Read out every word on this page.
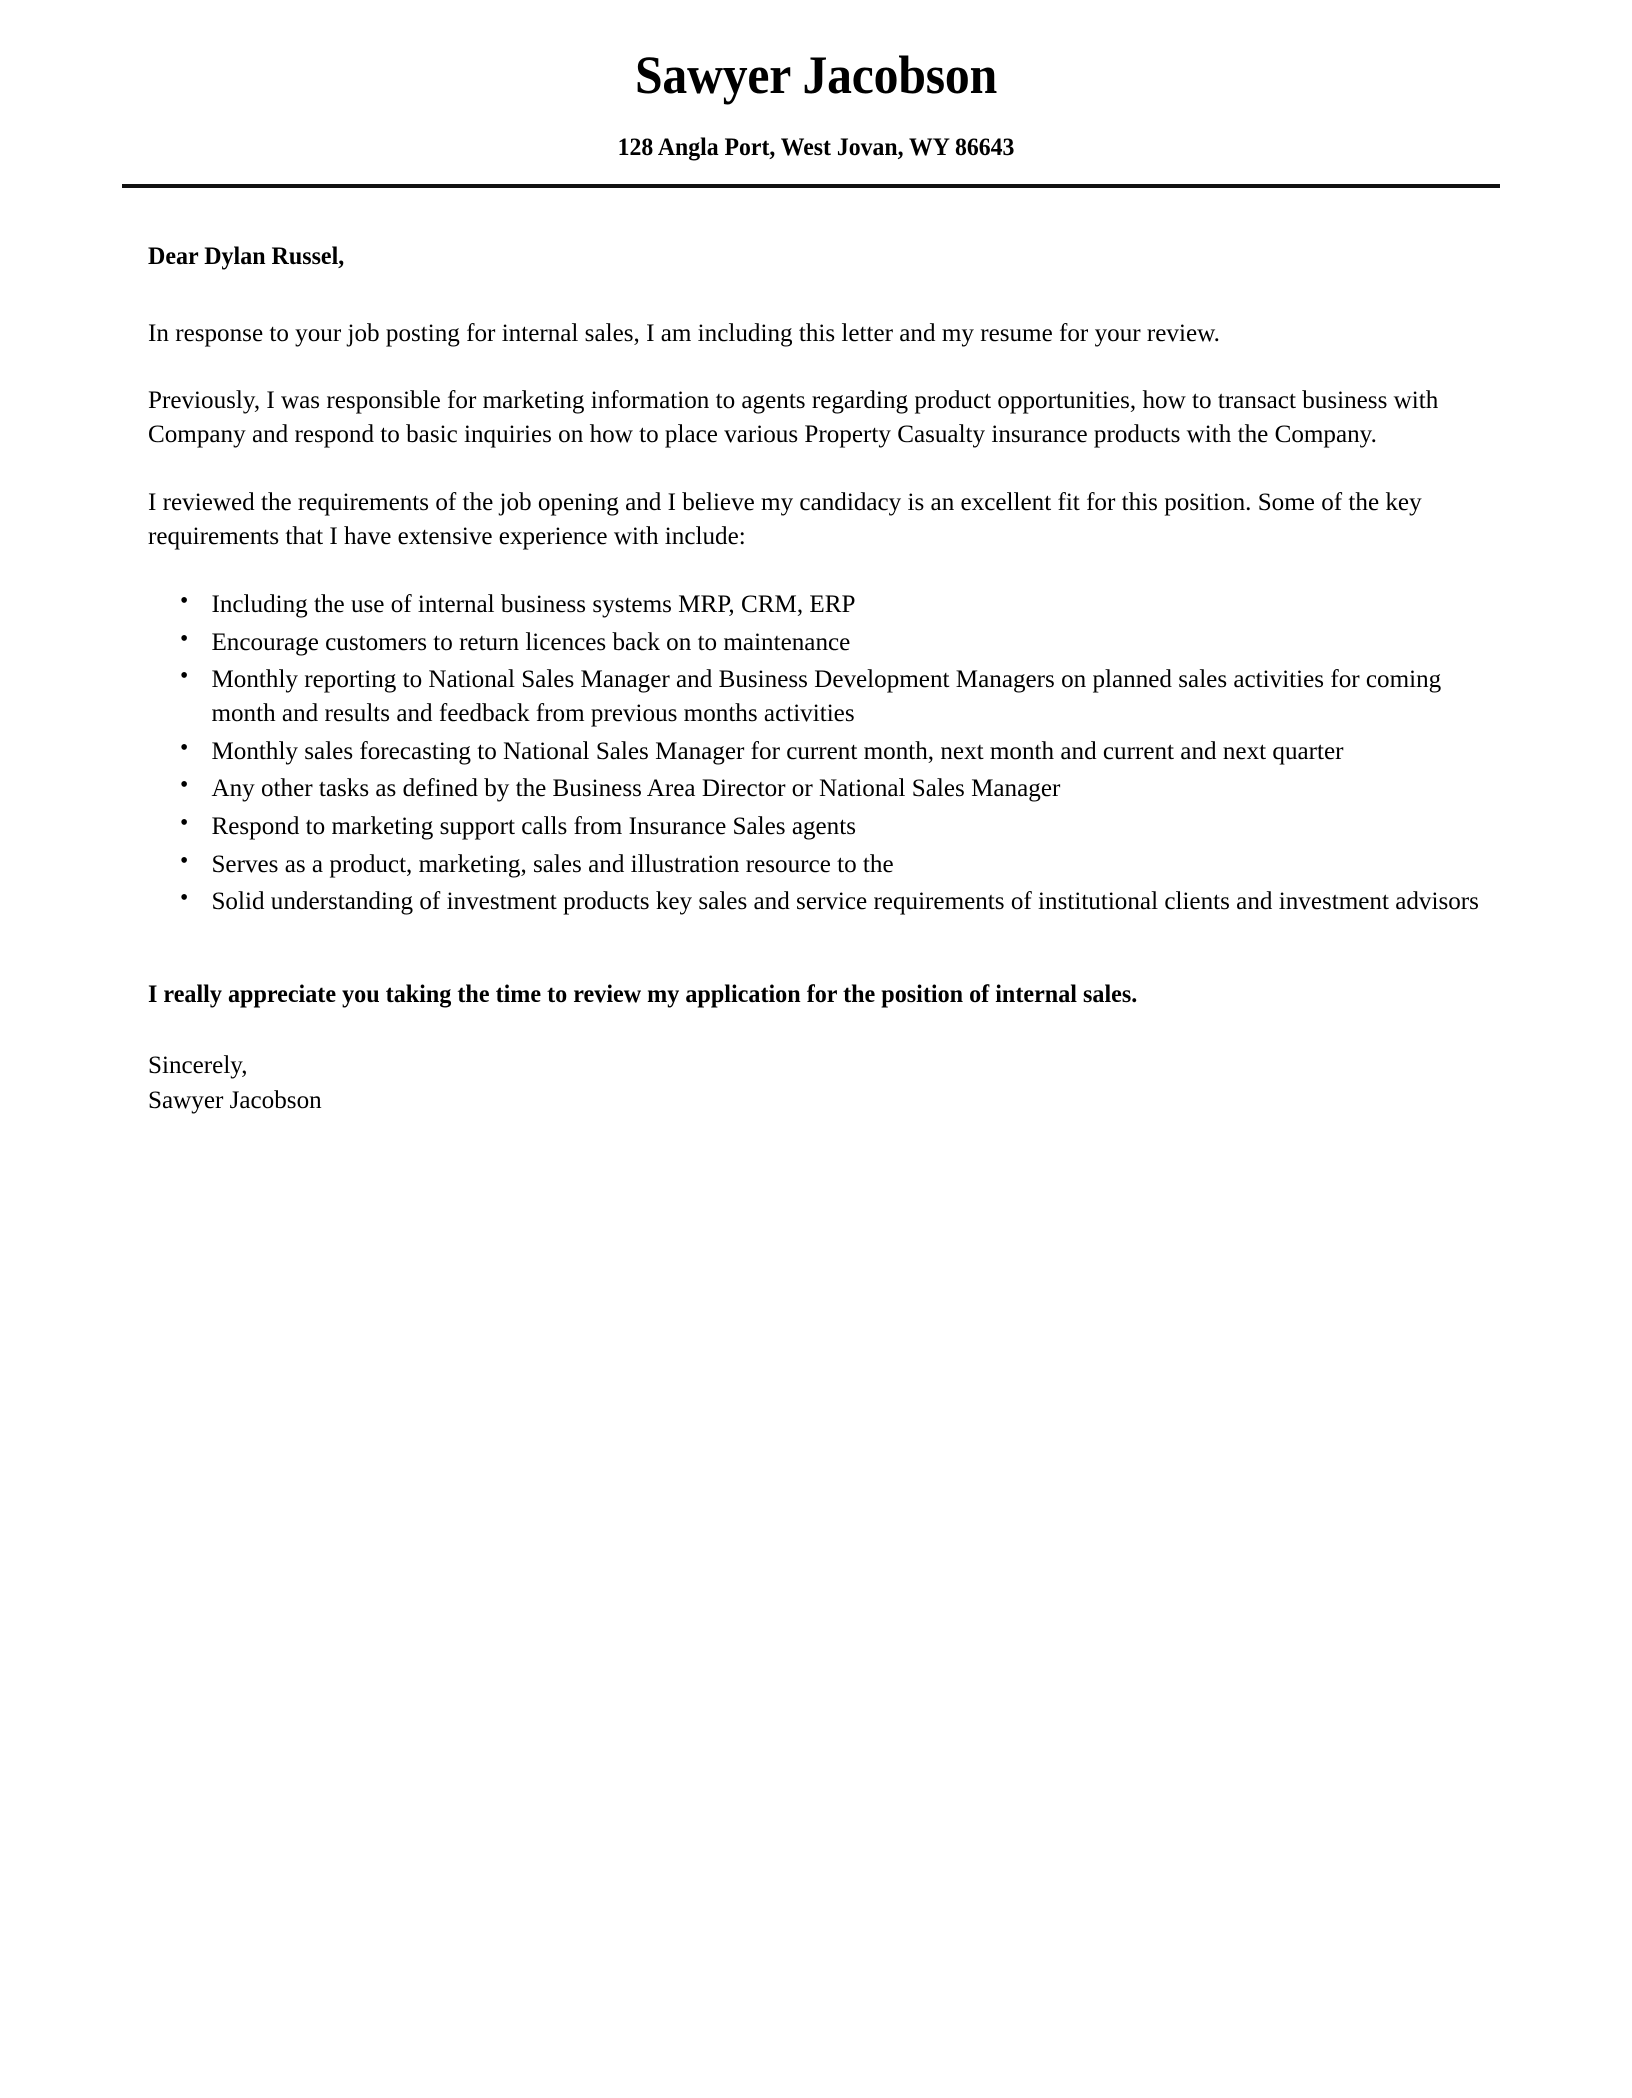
Sawyer Jacobson

128 Angla Port, West Jovan, WY 86643

Dear Dylan Russel,

In response to your job posting for internal sales, I am including this letter and my resume for your review.

Previously, I was responsible for marketing information to agents regarding product opportunities, how to transact business with Company and respond to basic inquiries on how to place various Property Casualty insurance products with the Company.

I reviewed the requirements of the job opening and I believe my candidacy is an excellent fit for this position. Some of the key requirements that I have extensive experience with include:

• Including the use of internal business systems MRP, CRM, ERP
• Encourage customers to return licences back on to maintenance
• Monthly reporting to National Sales Manager and Business Development Managers on planned sales activities for coming month and results and feedback from previous months activities
• Monthly sales forecasting to National Sales Manager for current month, next month and current and next quarter
• Any other tasks as defined by the Business Area Director or National Sales Manager
• Respond to marketing support calls from Insurance Sales agents
• Serves as a product, marketing, sales and illustration resource to the
• Solid understanding of investment products key sales and service requirements of institutional clients and investment advisors

I really appreciate you taking the time to review my application for the position of internal sales.

Sincerely,
Sawyer Jacobson
